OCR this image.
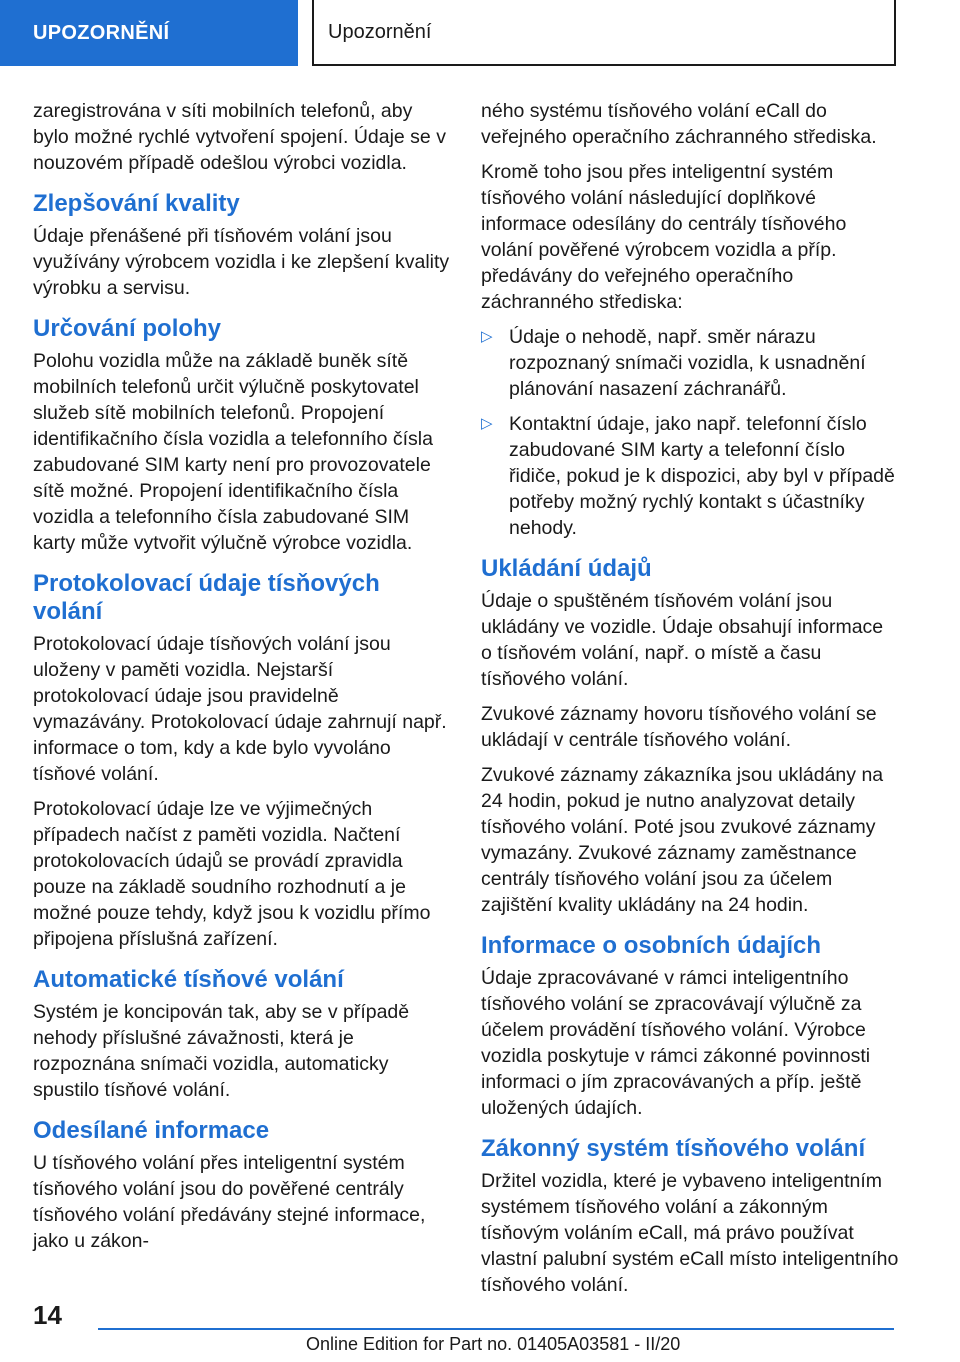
UPOZORNĚNÍ	Upozornění

zaregistrována v síti mobilních telefonů, aby bylo možné rychlé vytvoření spojení. Údaje se v nouzovém případě odešlou výrobci vozidla.

Zlepšování kvality

Údaje přenášené při tísňovém volání jsou využívány výrobcem vozidla i ke zlepšení kvality výrobku a servisu.

Určování polohy

Polohu vozidla může na základě buněk sítě mobilních telefonů určit výlučně poskytovatel služeb sítě mobilních telefonů. Propojení identifikačního čísla vozidla a telefonního čísla zabudované SIM karty není pro provozovatele sítě možné. Propojení identifikačního čísla vozidla a telefonního čísla zabudované SIM karty může vytvořit výlučně výrobce vozidla.

Protokolovací údaje tísňových volání

Protokolovací údaje tísňových volání jsou uloženy v paměti vozidla. Nejstarší protokolovací údaje jsou pravidelně vymazávány. Protokolovací údaje zahrnují např. informace o tom, kdy a kde bylo vyvoláno tísňové volání.

Protokolovací údaje lze ve výjimečných případech načíst z paměti vozidla. Načtení protokolovacích údajů se provádí zpravidla pouze na základě soudního rozhodnutí a je možné pouze tehdy, když jsou k vozidlu přímo připojena příslušná zařízení.

Automatické tísňové volání

Systém je koncipován tak, aby se v případě nehody příslušné závažnosti, která je rozpoznána snímači vozidla, automaticky spustilo tísňové volání.

Odesílané informace

U tísňového volání přes inteligentní systém tísňového volání jsou do pověřené centrály tísňového volání předávány stejné informace, jako u zákon-

ného systému tísňového volání eCall do veřejného operačního záchranného střediska.

Kromě toho jsou přes inteligentní systém tísňového volání následující doplňkové informace odesílány do centrály tísňového volání pověřené výrobcem vozidla a příp. předávány do veřejného operačního záchranného střediska:

▷ Údaje o nehodě, např. směr nárazu rozpoznaný snímači vozidla, k usnadnění plánování nasazení záchranářů.
▷ Kontaktní údaje, jako např. telefonní číslo zabudované SIM karty a telefonní číslo řidiče, pokud je k dispozici, aby byl v případě potřeby možný rychlý kontakt s účastníky nehody.
Ukládání údajů

Údaje o spuštěném tísňovém volání jsou ukládány ve vozidle. Údaje obsahují informace o tísňovém volání, např. o místě a času tísňového volání.

Zvukové záznamy hovoru tísňového volání se ukládají v centrále tísňového volání.

Zvukové záznamy zákazníka jsou ukládány na 24 hodin, pokud je nutno analyzovat detaily tísňového volání. Poté jsou zvukové záznamy vymazány. Zvukové záznamy zaměstnance centrály tísňového volání jsou za účelem zajištění kvality ukládány na 24 hodin.

Informace o osobních údajích

Údaje zpracovávané v rámci inteligentního tísňového volání se zpracovávají výlučně za účelem provádění tísňového volání. Výrobce vozidla poskytuje v rámci zákonné povinnosti informaci o jím zpracovávaných a příp. ještě uložených údajích.

Zákonný systém tísňového volání

Držitel vozidla, které je vybaveno inteligentním systémem tísňového volání a zákonným tísňovým voláním eCall, má právo používat vlastní palubní systém eCall místo inteligentního tísňového volání.

14
Online Edition for Part no. 01405A03581 - II/20
